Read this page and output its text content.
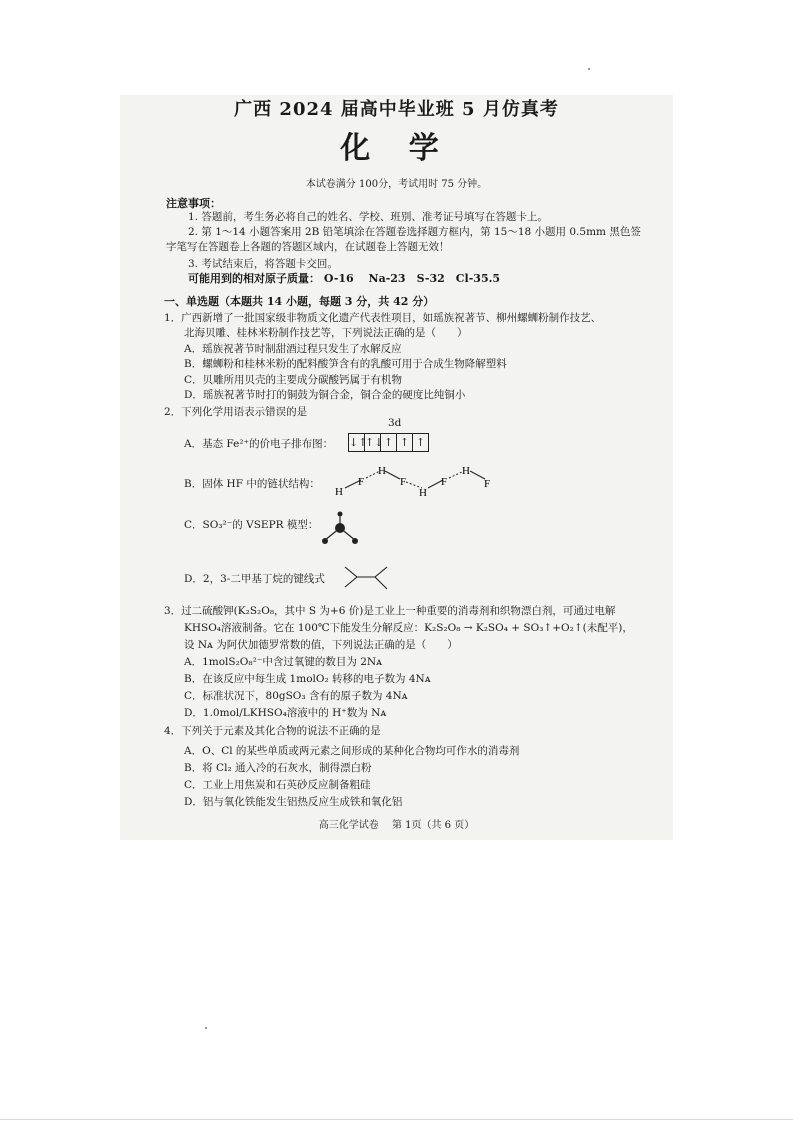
广西 2024 届高中毕业班 5 月仿真考
化 学
本试卷满分 100分，考试用时 75 分钟。
注意事项：
1. 答题前，考生务必将自己的姓名、学校、班别、准考证号填写在答题卡上。
2. 第 1～14 小题答案用 2B 铅笔填涂在答题卷选择题方框内，第 15～18 小题用 0.5mm 黑色签
字笔写在答题卷上各题的答题区域内，在试题卷上答题无效！
3. 考试结束后，将答题卡交回。
可能用到的相对原子质量： O-16　 Na-23　S-32　Cl-35.5
一、单选题（本题共 14 小题，每题 3 分，共 42 分）
1．广西新增了一批国家级非物质文化遗产代表性项目，如瑶族祝著节、柳州螺蛳粉制作技艺、
北海贝雕、桂林米粉制作技艺等，下列说法正确的是（　　）
A．瑶族祝著节时制甜酒过程只发生了水解反应
B．螺蛳粉和桂林米粉的配料酸笋含有的乳酸可用于合成生物降解塑料
C．贝雕所用贝壳的主要成分碳酸钙属于有机物
D．瑶族祝著节时打的铜鼓为铜合金，铜合金的硬度比纯铜小
2．下列化学用语表示错误的是
3d
A．基态 Fe²⁺的价电子排布图： ↓↑
↑↓ ↑ ↑ ↑
B．固体 HF 中的链状结构：
H
F
H
F
H
F
H
F
C．SO₃²⁻的 VSEPR 模型：
D．2，3-二甲基丁烷的键线式
3．过二硫酸钾(K₂S₂O₈，其中 S 为+6 价)是工业上一种重要的消毒剂和织物漂白剂，可通过电解
KHSO₄溶液制备。它在 100℃下能发生分解反应：K₂S₂O₈ → K₂SO₄ + SO₃↑+O₂↑(未配平)，
设 Nᴀ 为阿伏加德罗常数的值，下列说法正确的是（　　）
A．1molS₂O₈²⁻中含过氧键的数目为 2Nᴀ
B．在该反应中每生成 1molO₂ 转移的电子数为 4Nᴀ
C．标准状况下，80gSO₃ 含有的原子数为 4Nᴀ
D．1.0mol/LKHSO₄溶液中的 H⁺数为 Nᴀ
4．下列关于元素及其化合物的说法不正确的是
A．O、Cl 的某些单质或两元素之间形成的某种化合物均可作水的消毒剂
B．将 Cl₂ 通入冷的石灰水，制得漂白粉
C．工业上用焦炭和石英砂反应制备粗硅
D．铝与氧化铁能发生铝热反应生成铁和氧化铝
高三化学试卷　 第 1页（共 6 页）
